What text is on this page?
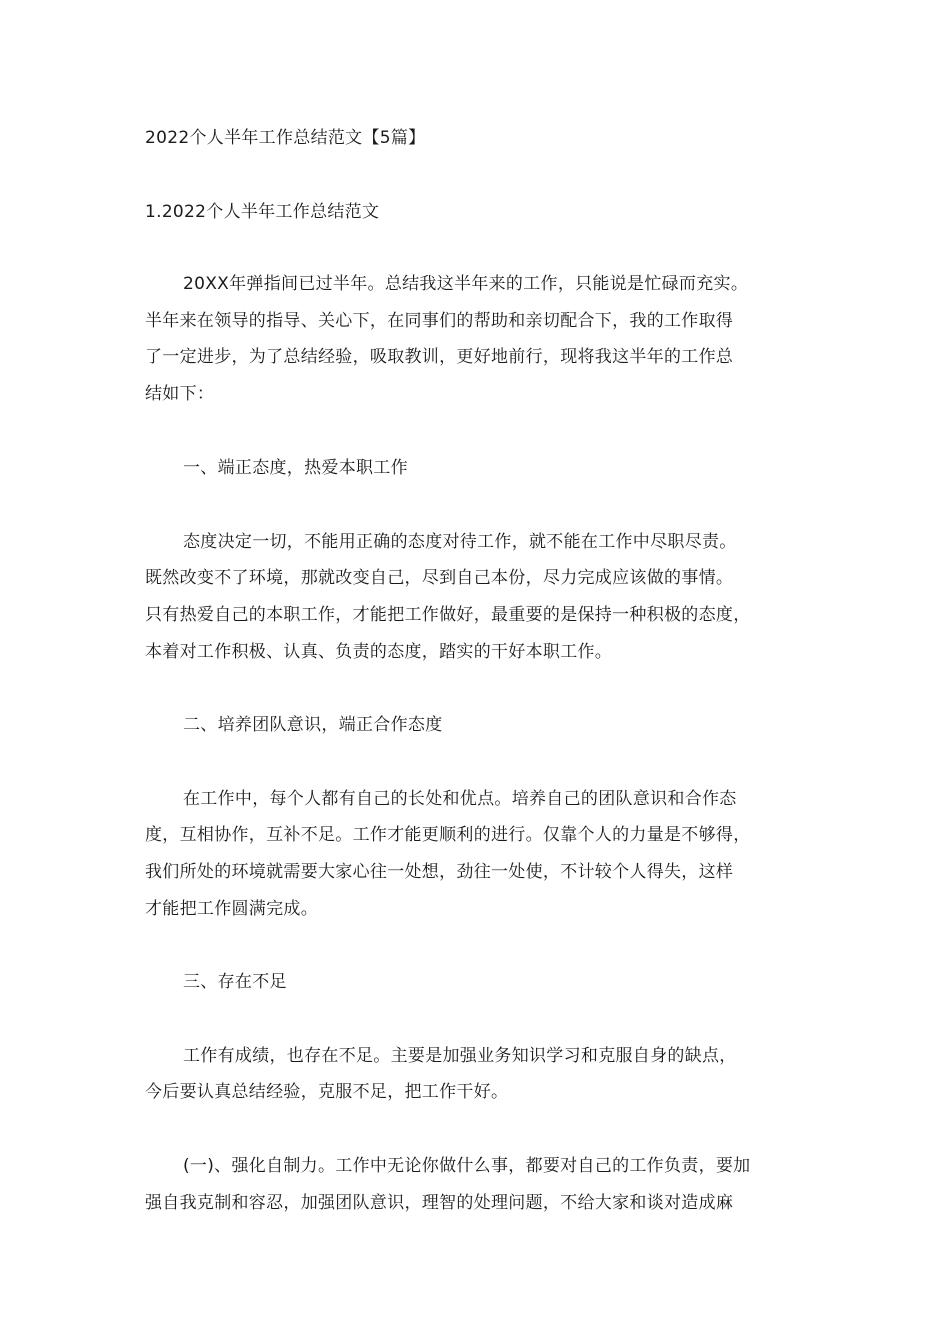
2022个人半年工作总结范文【5篇】
1.2022个人半年工作总结范文
20XX年弹指间已过半年。总结我这半年来的工作，只能说是忙碌而充实。
半年来在领导的指导、关心下，在同事们的帮助和亲切配合下，我的工作取得
了一定进步，为了总结经验，吸取教训，更好地前行，现将我这半年的工作总
结如下：
一、端正态度，热爱本职工作
态度决定一切，不能用正确的态度对待工作，就不能在工作中尽职尽责。
既然改变不了环境，那就改变自己，尽到自己本份，尽力完成应该做的事情。
只有热爱自己的本职工作，才能把工作做好，最重要的是保持一种积极的态度，
本着对工作积极、认真、负责的态度，踏实的干好本职工作。
二、培养团队意识，端正合作态度
在工作中，每个人都有自己的长处和优点。培养自己的团队意识和合作态
度，互相协作，互补不足。工作才能更顺利的进行。仅靠个人的力量是不够得，
我们所处的环境就需要大家心往一处想，劲往一处使，不计较个人得失，这样
才能把工作圆满完成。
三、存在不足
工作有成绩，也存在不足。主要是加强业务知识学习和克服自身的缺点，
今后要认真总结经验，克服不足，把工作干好。
(一)、强化自制力。工作中无论你做什么事，都要对自己的工作负责，要加
强自我克制和容忍，加强团队意识，理智的处理问题，不给大家和谈对造成麻
